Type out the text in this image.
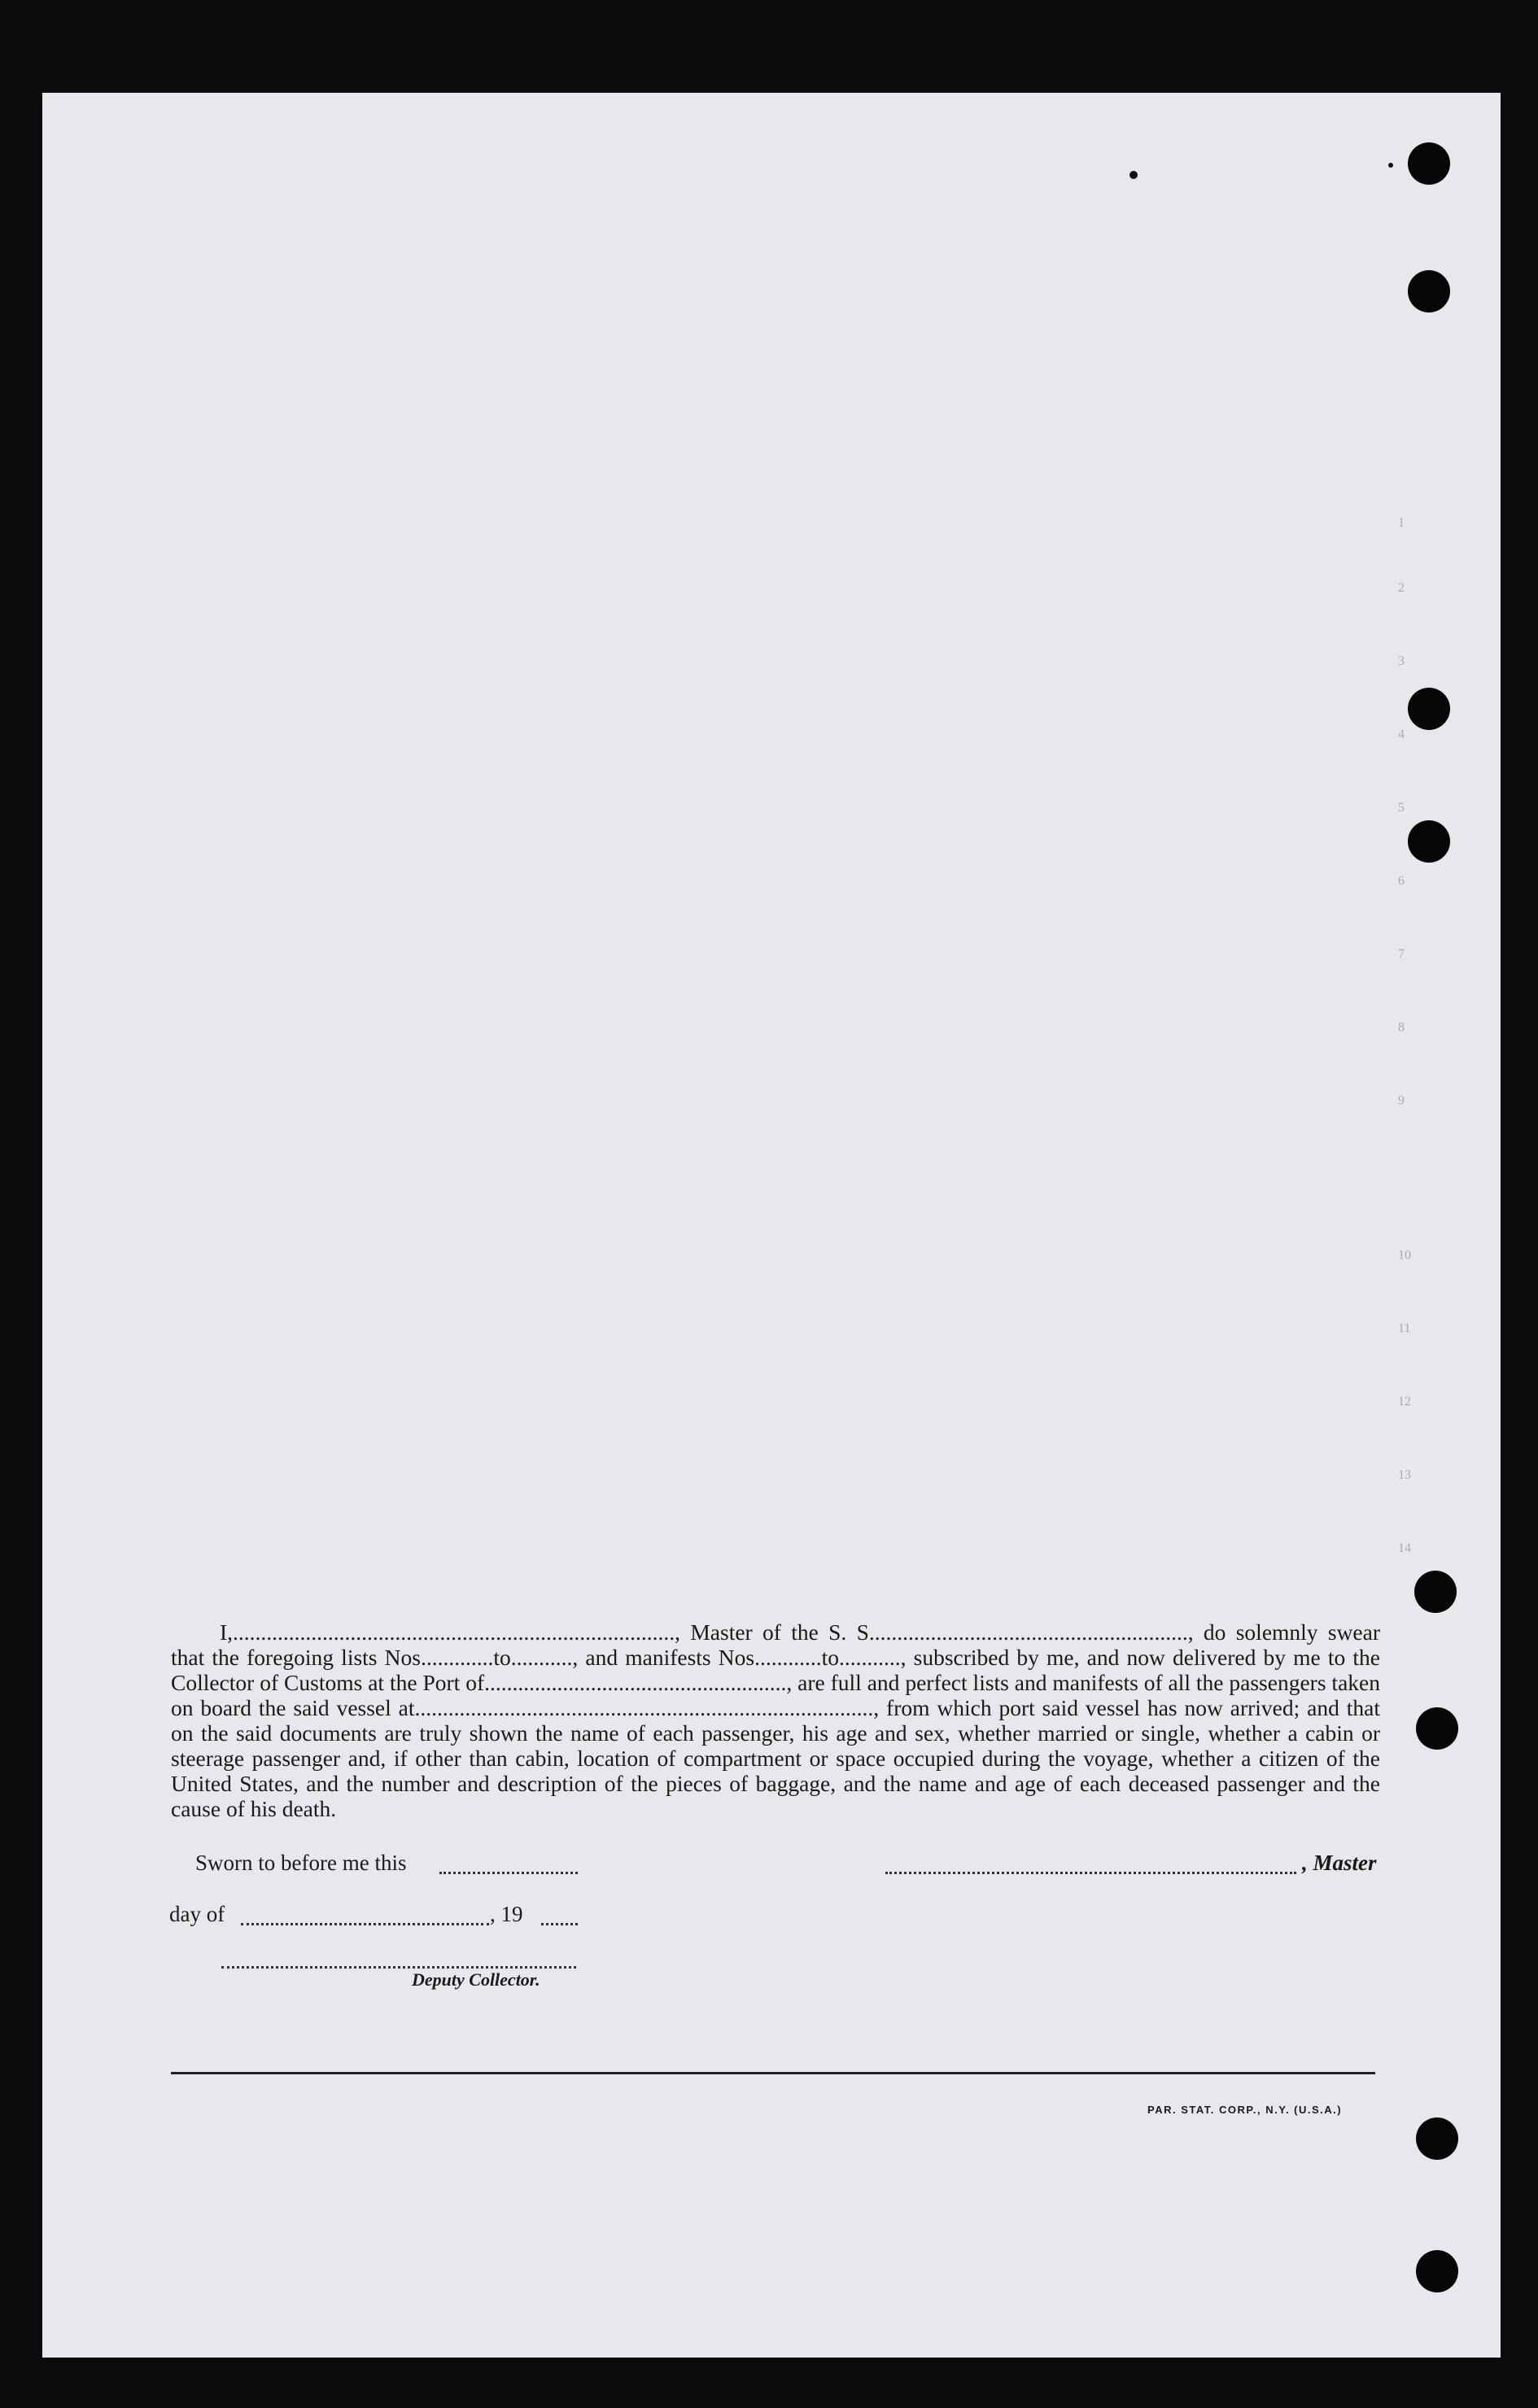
1
2
3
4
5
6
7
8
9
10
11
12
13
14

I,..............................................................................., Master of the S. S........................................................., do solemnly swear that the foregoing lists Nos.............to..........., and manifests Nos............to..........., subscribed by me, and now delivered by me to the Collector of Customs at the Port of......................................................, are full and perfect lists and manifests of all the passengers taken on board the said vessel at.................................................................................., from which port said vessel has now arrived; and that on the said documents are truly shown the name of each passenger, his age and sex, whether married or single, whether a cabin or steerage passenger and, if other than cabin, location of compartment or space occupied during the voyage, whether a citizen of the United States, and the number and description of the pieces of baggage, and the name and age of each deceased passenger and the cause of his death.

Sworn to before me this	, Master
day of	, 19
Deputy Collector.
PAR. STAT. CORP., N.Y. (U.S.A.)
